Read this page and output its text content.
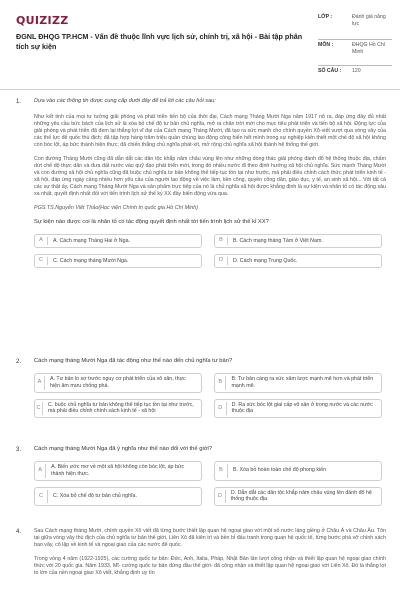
QUIZIZZ
ĐGNL ĐHQG TP.HCM - Vấn đề thuộc lĩnh vực lịch sử, chính trị, xã hội - Bài tập phân tích sự kiện
LỚP :	Đánh giá năng lực
MÔN :	ĐHQG Hồ Chí Minh
SỐ CÂU :	120
1. Dựa vào các thông tin được cung cấp dưới đây để trả lời các câu hỏi sau:
Như kết tinh của mọi tư tưởng giải phóng và phát triển tiến bộ của thời đại, Cách mạng Tháng Mười Nga năm 1917 nổ ra, đáp ứng đầy đủ nhất những yêu cầu bức bách của lịch sử là xóa bỏ chế độ tư bản chủ nghĩa, mở ra chân trời mới cho mục tiêu phát triển và tiến bộ xã hội. Động lực của giải phóng và phát triển đã đem lại thắng lợi vĩ đại của Cách mạng Tháng Mười, đã tạo ra sức mạnh cho chính quyền Xô-viết vượt qua vòng vây của các thế lực đế quốc thù địch; đã tập hợp hàng trăm triệu quần chúng lao động công hiến hết mình trong sự nghiệp kiến thiết một chế độ xã hội không còn bóc lột, áp bức thành hiện thực; đã chiến thắng chủ nghĩa phát-xít, mở rộng chủ nghĩa xã hội thành hệ thống thế giới.
Con đường Tháng Mười cũng đã dẫn dắt các dân tộc khắp năm châu vùng lên như những dòng thác giải phóng đánh đổ hệ thống thuộc địa, chấm dứt chế độ thực dân và đưa đất nước vào quỹ đạo phát triển mới, trong đó nhiều nước đi theo định hướng xã hội chủ nghĩa. Sức mạnh Tháng Mười và con đường xã hội chủ nghĩa cũng đã buộc chủ nghĩa tư bản không thể tiếp tục tồn tại như trước, mà phải điều chỉnh cách thức phát triển kinh tế - xã hội, đáp ứng ngày càng nhiều hơn yêu cầu của người lao động về việc làm, tiền công, quyền công dân, giáo dục, y tế, an sinh xã hội... Với tất cả các sự thật ấy, Cách mạng Tháng Mười Nga và sản phẩm trực tiếp của nó là chủ nghĩa xã hội được khẳng định là sự kiện và nhân tố có tác động sâu xa nhất, quyết định nhất đối với tiến trình lịch sử thế kỷ XX đầy biến động vừa qua.
PGS.TS.Nguyễn Viết Thảo(Học viện Chính trị quốc gia Hồ Chí Minh)
Sự kiện nào được coi là nhân tố có tác động quyết định nhất tới tiến trình lịch sử thế kỉ XX?
A	A. Cách mạng Tháng Hai ở Nga.	B	B. Cách mạng tháng Tám ở Việt Nam.
C	C. Cách mạng tháng Mười Nga.	D	D. Cách mạng Trung Quốc.
2. Cách mạng tháng Mười Nga đã tác động như thế nào đến chủ nghĩa tư bản?
A
A. Tư bản lo sợ trước nguy cơ phát triển của vô sản, thực hiện âm mưu chống phá.
B
B. Tư bản càng ra sức xâm lược mạnh mẽ hơn và phát triển mạnh mẽ.
C
C. buộc chủ nghĩa tư bản không thể tiếp tục tồn tại như trước, mà phải điều chỉnh chính sách kinh tế - xã hội
D
D. Ra sức bóc lột giai cấp vô sản ở trong nước và các nước thuộc địa
3. Cách mạng tháng Mười Nga đã ý nghĩa như thế nào đối với thế giới?
A
A. Biến ước mơ về một xã hội không còn bóc lột, áp bức thành hiện thực.
B	B. Xóa bỏ hoàn toàn chế độ phong kiến
C	C. Xóa bỏ chế độ tư bản chủ nghĩa.	D
D. Dẫn dắt các dân tộc khắp năm châu vùng lên đánh đổ hệ thống thuộc địa
4. Sau Cách mạng tháng Mười, chính quyền Xô viết đã từng bước thiết lập quan hệ ngoại giao với một số nước láng giềng ở Châu Á và Châu Âu. Tôn tại giữa vòng vây thù địch của chủ nghĩa tư bản thế giới, Liên Xô đã kiên trì và bền bỉ đấu tranh trong quan hệ quốc tế, từng bước phá vỡ chính sách bao vây, cô lập về kinh tế và ngoại giao của các nước đế quốc.
Trong vòng 4 năm (1922-1925), các cường quốc tư bản: Đức, Anh, Italia, Pháp, Nhật Bản lần lượt công nhận và thiết lập quan hệ ngoại giao chính thức với 20 quốc gia. Năm 1933, Mĩ- cường quốc tư bản đứng đầu thế giới- đã công nhận và thiết lập quan hệ ngoại giao với Liên Xô. Đó là thắng lợi to lớn của nền ngoại giao Xô viết, khẳng định uy tín
